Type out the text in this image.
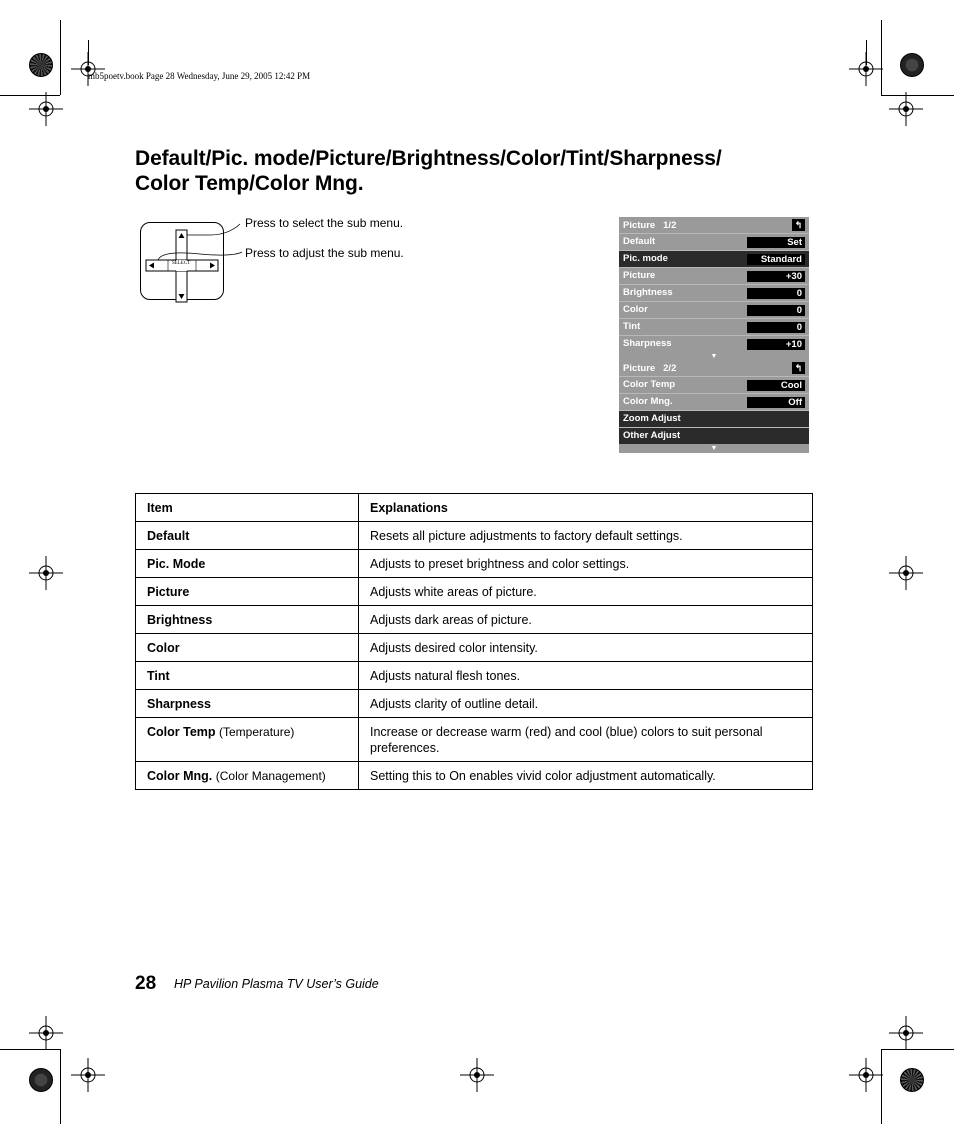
mb5poetv.book Page 28 Wednesday, June 29, 2005 12:42 PM
Default/Pic. mode/Picture/Brightness/Color/Tint/Sharpness/
Color Temp/Color Mng.
SELECT
Press to select the sub menu.
Press to adjust the sub menu.
Picture 1/2	↰
Default	Set
Pic. mode	Standard
Picture	+30
Brightness	0
Color	0
Tint	0
Sharpness	+10
▼
Picture 2/2	↰
Color Temp	Cool
Color Mng.	Off
Zoom Adjust
Other Adjust
▼
Item	Explanations
Default	Resets all picture adjustments to factory default settings.
Pic. Mode	Adjusts to preset brightness and color settings.
Picture	Adjusts white areas of picture.
Brightness	Adjusts dark areas of picture.
Color	Adjusts desired color intensity.
Tint	Adjusts natural flesh tones.
Sharpness	Adjusts clarity of outline detail.
Color Temp (Temperature)	Increase or decrease warm (red) and cool (blue) colors to suit personal preferences.
Color Mng. (Color Management)	Setting this to On enables vivid color adjustment automatically.
28 HP Pavilion Plasma TV User’s Guide
